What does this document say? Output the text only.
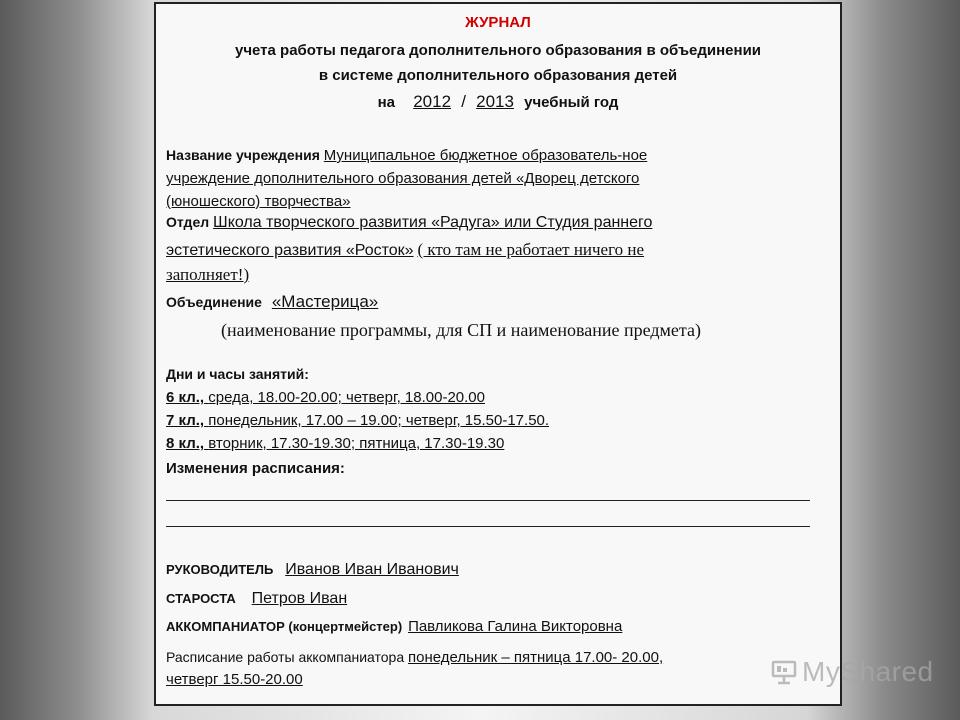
ЖУРНАЛ
учета работы педагога дополнительного образования в объединении
в системе дополнительного образования детей
на 2012 / 2013 учебный год
Название учреждения Муниципальное бюджетное образователь-ное
учреждение дополнительного образования детей «Дворец детского
(юношеского) творчества»
Отдел Школа творческого развития «Радуга» или Студия раннего
эстетического развития «Росток» ( кто там не работает ничего не
заполняет!)
Объединение «Мастерица»
(наименование программы, для СП и наименование предмета)
Дни и часы занятий:
6 кл., среда, 18.00-20.00; четверг, 18.00-20.00
7 кл., понедельник, 17.00 – 19.00; четверг, 15.50-17.50.
8 кл., вторник, 17.30-19.30; пятница, 17.30-19.30
Изменения расписания:
РУКОВОДИТЕЛЬ Иванов Иван Иванович
СТАРОСТА Петров Иван
АККОМПАНИАТОР (концертмейстер) Павликова Галина Викторовна
Расписание работы аккомпаниатора понедельник – пятница 17.00- 20.00,
четверг 15.50-20.00	MyShared
